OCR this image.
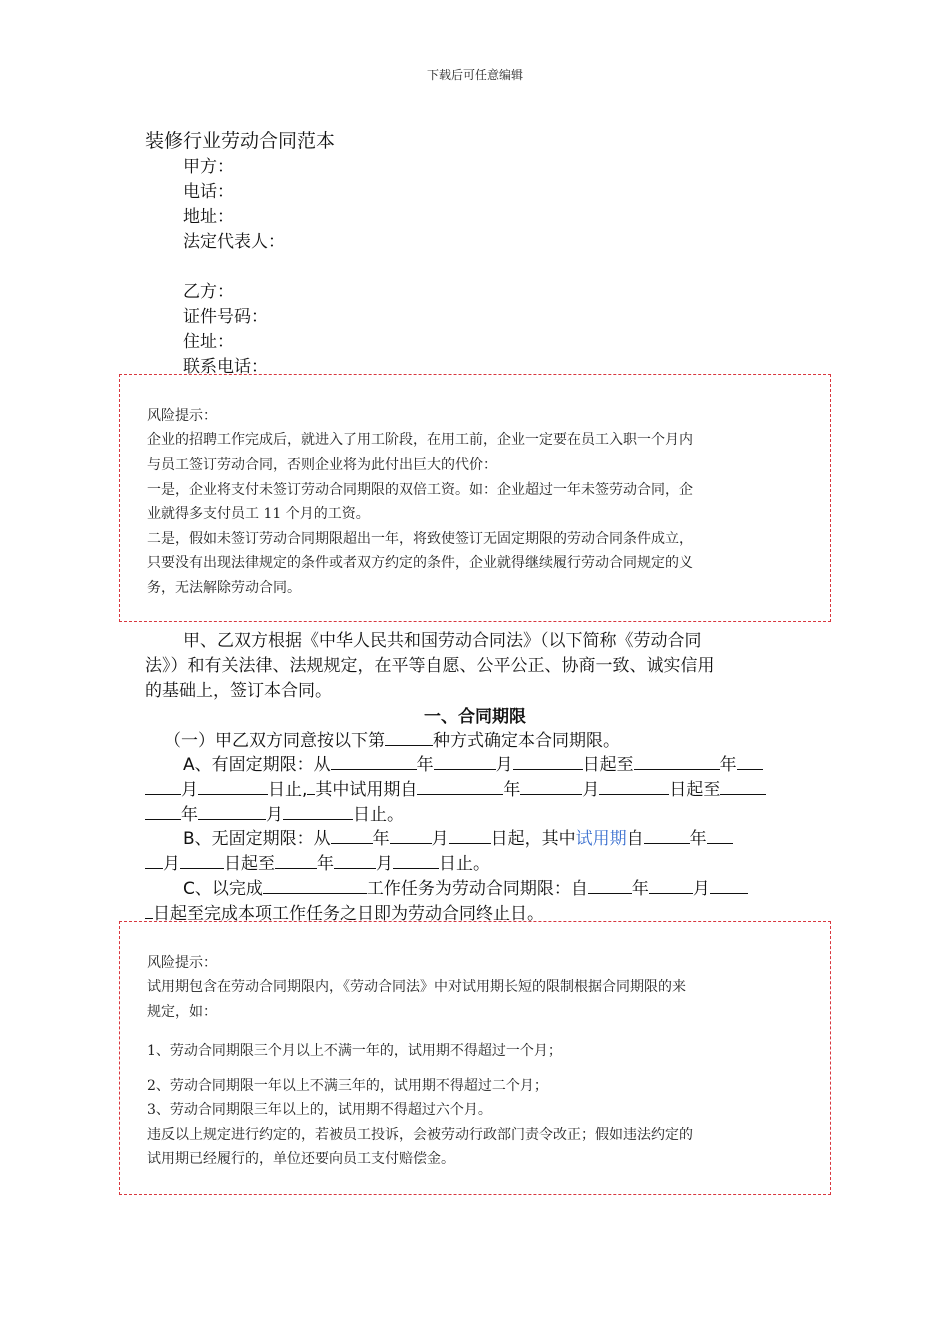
下载后可任意编辑
装修行业劳动合同范本
甲方：
电话：
地址：
法定代表人：
乙方：
证件号码：
住址：
联系电话：
风险提示：
企业的招聘工作完成后，就进入了用工阶段，在用工前，企业一定要在员工入职一个月内
与员工签订劳动合同，否则企业将为此付出巨大的代价：
一是，企业将支付未签订劳动合同期限的双倍工资。如：企业超过一年未签劳动合同，企
业就得多支付员工 11 个月的工资。
二是，假如未签订劳动合同期限超出一年，将致使签订无固定期限的劳动合同条件成立，
只要没有出现法律规定的条件或者双方约定的条件，企业就得继续履行劳动合同规定的义
务，无法解除劳动合同。
甲、乙双方根据《中华人民共和国劳动合同法》（以下简称《劳动合同
法》）和有关法律、法规规定，在平等自愿、公平公正、协商一致、诚实信用
的基础上，签订本合同。
一、合同期限
（一）甲乙双方同意按以下第	种方式确定本合同期限。
A、有固定期限：从	年	月	日起至	年
月	日止, 其中试用期自	年	月	日起至
年	月	日止。
B、无固定期限：从 年 月 日起，其中试用期自	年
月	日起至 年 月	日止。
C、以完成	工作任务为劳动合同期限：自	年	月
日起至完成本项工作任务之日即为劳动合同终止日。
风险提示：
试用期包含在劳动合同期限内，《劳动合同法》中对试用期长短的限制根据合同期限的来
规定，如：
1、劳动合同期限三个月以上不满一年的，试用期不得超过一个月；
2、劳动合同期限一年以上不满三年的，试用期不得超过二个月；
3、劳动合同期限三年以上的，试用期不得超过六个月。
违反以上规定进行约定的，若被员工投诉，会被劳动行政部门责令改正；假如违法约定的
试用期已经履行的，单位还要向员工支付赔偿金。
